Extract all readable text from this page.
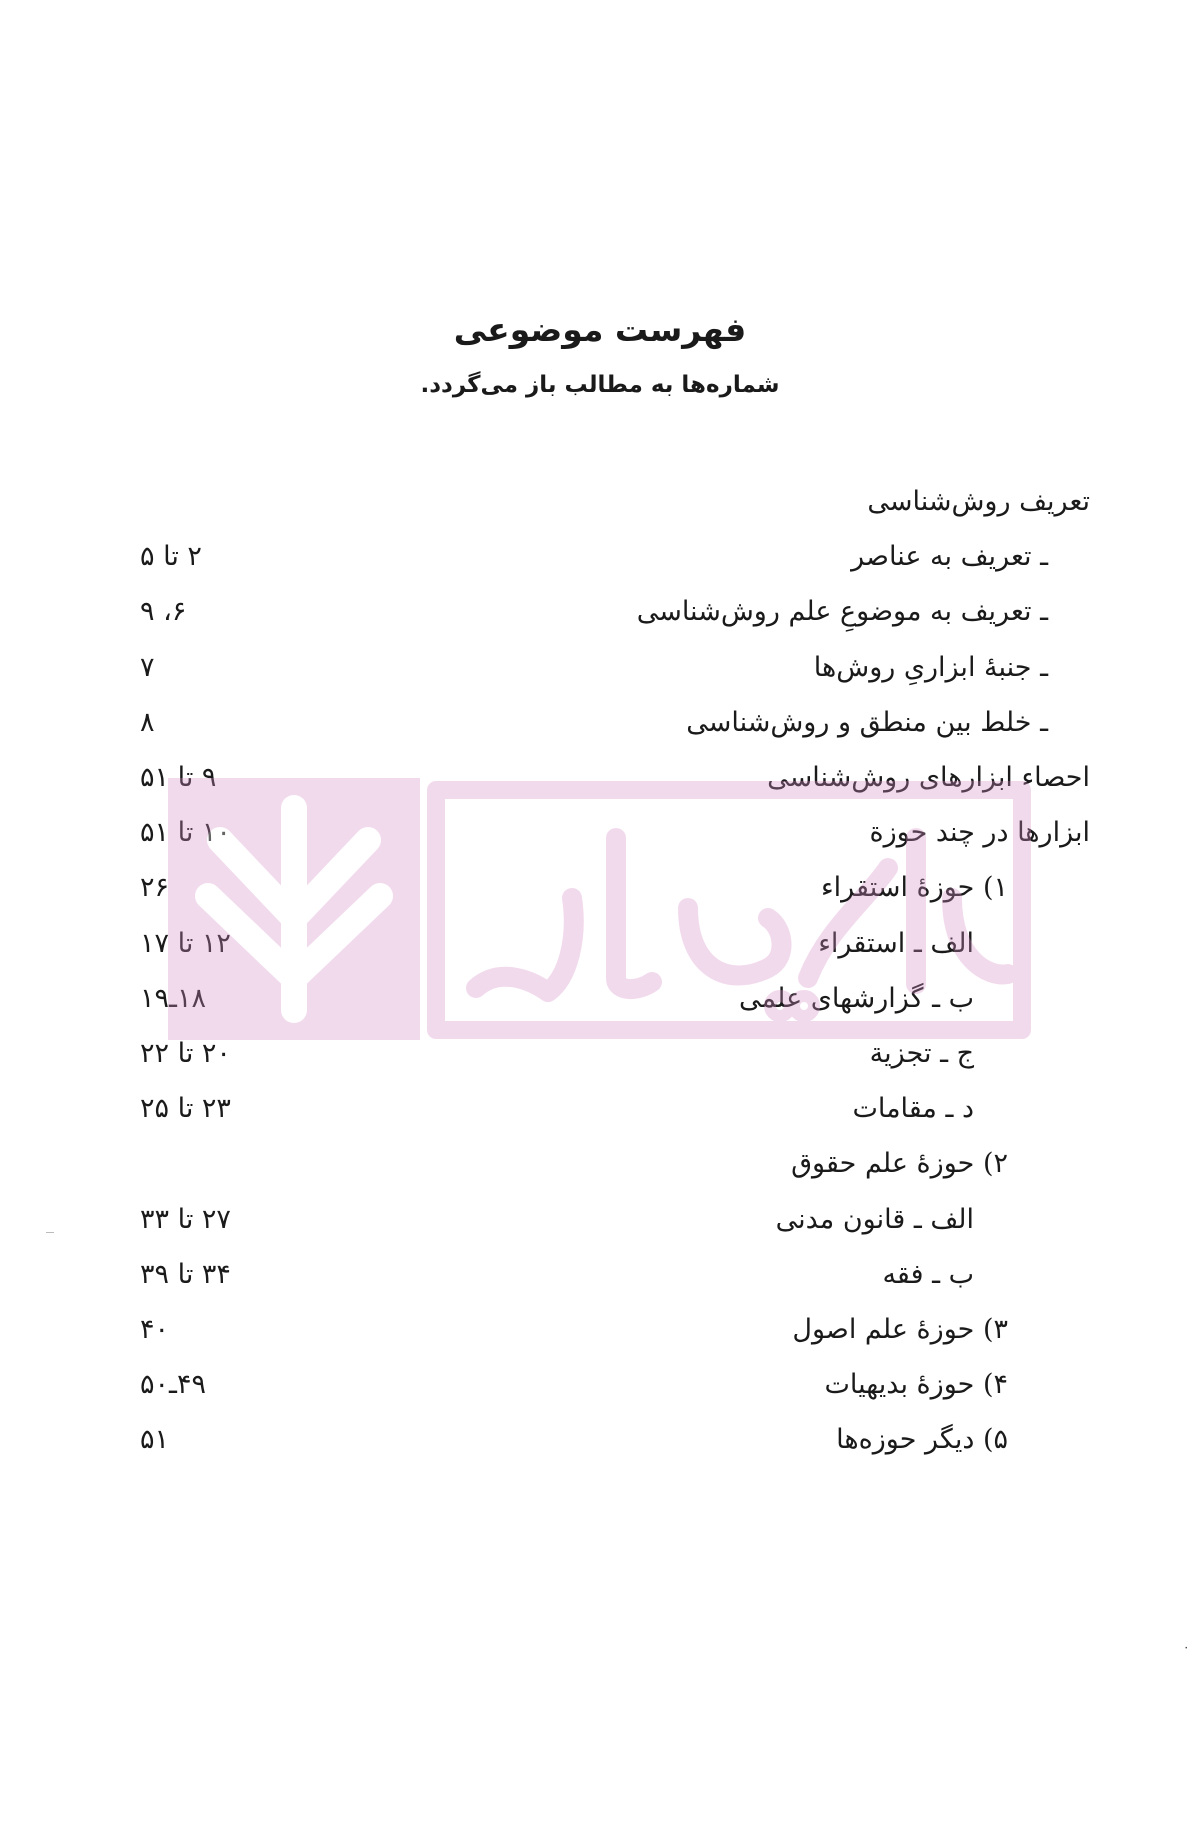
فهرست موضوعی
شماره‌ها به مطالب باز می‌گردد.
تعریف روش‌شناسی
ـ تعریف به عناصر
۲ تا ۵
ـ تعریف به موضوعِ علم روش‌شناسی
۶، ۹
ـ جنبهٔ ابزاریِ روش‌ها
۷
ـ خلط بین منطق و روش‌شناسی
۸
احصاء ابزارهای روش‌شناسی
۹ تا ۵۱
ابزارها در چند حوزة
۱۰ تا ۵۱
۱) حوزهٔ استقراء
۲۶
الف ـ استقراء
۱۲ تا ۱۷
ب ـ گزارشهای علمی
۱۸ـ۱۹
ج ـ تجزیة
۲۰ تا ۲۲
د ـ مقامات
۲۳ تا ۲۵
۲) حوزهٔ علم حقوق
الف ـ قانون مدنی
۲۷ تا ۳۳
ب ـ فقه
۳۴ تا ۳۹
۳) حوزهٔ علم اصول
۴۰
۴) حوزهٔ بدیهیات
۴۹ـ۵۰
۵) دیگر حوزه‌ها
۵۱
٠
